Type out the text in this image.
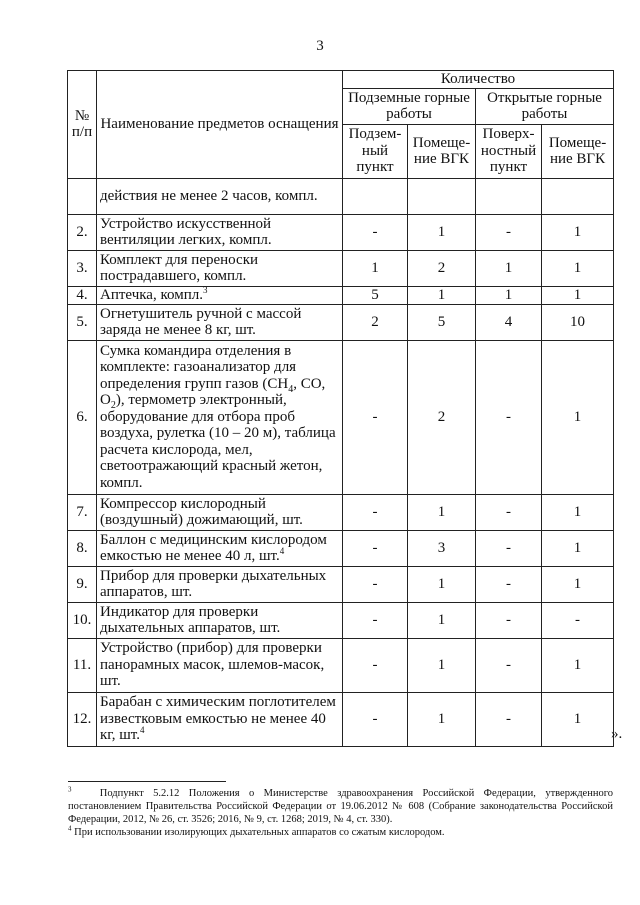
3
№ п/п	Наименование предметов оснащения	Количество			
		Подземные горные работы		Открытые горные работы	
		Подзем-ный пункт	Помеще-ние ВГК	Поверх-ностный пункт	Помеще-ние ВГК
	действия не менее 2 часов, компл.				
2.	Устройство искусственной вентиляции легких, компл.	-	1	-	1
3.	Комплект для переноски пострадавшего, компл.	1	2	1	1
4.	Аптечка, компл.$^3$	5	1	1	1
5.	Огнетушитель ручной с массой заряда не менее 8 кг, шт.	2	5	4	10
6.	Сумка командира отделения в комплекте: газоанализатор для определения групп газов ($СН_4$, СО, $О_2$), термометр электронный, оборудование для отбора проб воздуха, рулетка (10 – 20 м), таблица расчета кислорода, мел, светоотражающий красный жетон, компл.	-	2	-	1
7.	Компрессор кислородный (воздушный) дожимающий, шт.	-	1	-	1
8.	Баллон с медицинским кислородом емкостью не менее 40 л, шт.$^4$	-	3	-	1
9.	Прибор для проверки дыхательных аппаратов, шт.	-	1	-	1
10.	Индикатор для проверки дыхательных аппаратов, шт.	-	1	-	-
11.	Устройство (прибор) для проверки панорамных масок, шлемов-масок, шт.	-	1	-	1
12.	Барабан с химическим поглотителем известковым емкостью не менее 40 кг, шт.$^4$	-	1	-	1
».

$^3$	Подпункт 5.2.12 Положения о Министерстве здравоохранения Российской Федерации, утвержденного постановлением Правительства Российской Федерации от 19.06.2012 № 608 (Собрание законодательства Российской Федерации, 2012, № 26, ст. 3526; 2016, № 9, ст. 1268; 2019, № 4, ст. 330).

$^4$ При использовании изолирующих дыхательных аппаратов со сжатым кислородом.
